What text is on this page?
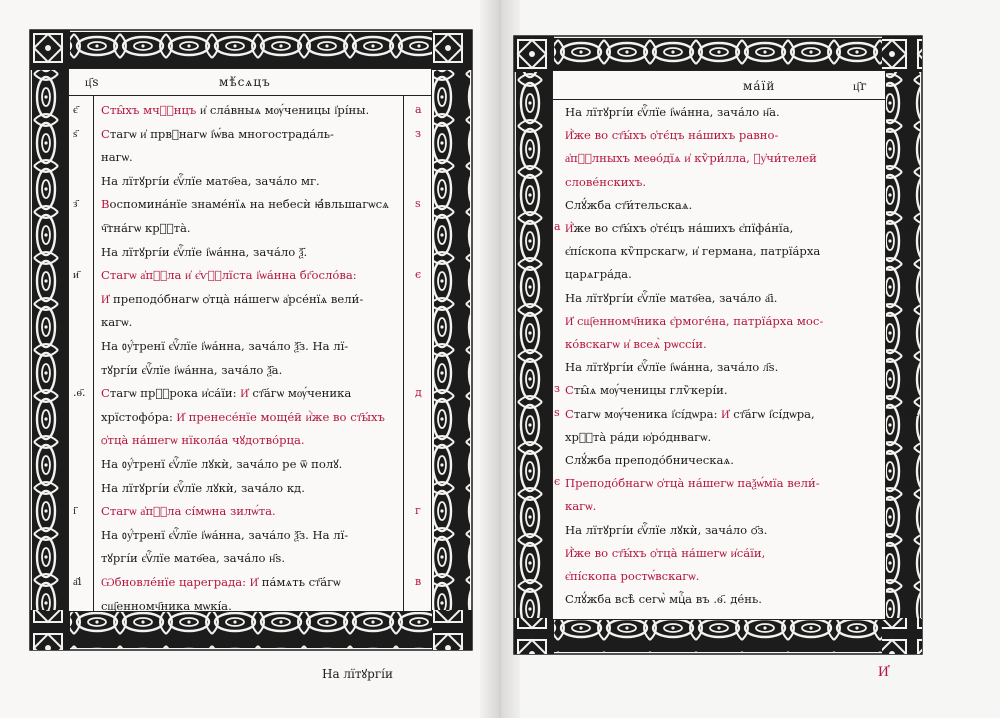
ц҃ѕ	мѣ́сѧцъ
Сты̑хъ мчⷭ҇нцъ и҆ сла́вныѧ мѹ́ченицы і҆рі́ны.
є҃	а
Стагѡ и҆ првⷣнагѡ і҆ѡ́ва многострада́ль-
ѕ҃	з
нагѡ.
На лїтꙋргі́и є҆ѵⷢ҇лїе матѳ҃еа, зача́ло мг.
Воспомина́нїе знаме́нїѧ на небесѝ ꙗ҆́вльшагѡсѧ
з҃	ѕ
ч҇тна́гѡ крⷭ҇та̀.
На лїтꙋргі́и є҆ѵⷢ҇лїе і҆ѡа́нна, зача́ло ѯ҃.
Стагѡ а҆пⷭ҇ла и҆ є҆ѵⷢ҇лїста і҆ѡа́нна бг҃осло́ва:
и҃	є
И҆ преподо́бнагѡ ѻ҆тца̀ на́шегѡ а҆рсе́нїѧ вели́-
кагѡ.
На ᲂу҆́тренї є҆ѵⷢ҇лїе і҆ѡа́нна, зача́ло ѯ҃з. На лї-
тꙋргі́и є҆ѵⷢ҇лїе і҆ѡа́нна, зача́ло ѯ҃а.
Стагѡ прⷪ҇рока и҆са́їи: И҆ ст҃а́гѡ мѹ́ченика
.ѳ҃.	д
хрїстофо́ра: И҆ пренесе́нїе моще́й и҆̀же во ст҃ы́хъ
ѻ҆тца̀ на́шегѡ нїкола́а чꙋдотво́рца.
На ᲂу҆́тренї є҆ѵⷢ҇лїе лꙋкѝ, зача́ло ре ѿ полꙋ.
На лїтꙋргі́и є҆ѵⷢ҇лїе лꙋкѝ, зача́ло кд.
Стагѡ а҆пⷭ҇ла сі́мѡна зилѡ́та.
і҃	г
На ᲂу҆́тренї є҆ѵⷢ҇лїе і҆ѡа́нна, зача́ло ѯ҃з. На лї-
тꙋргі́и є҆ѵⷢ҇лїе матѳ҃еа, зача́ло н҃s.
Ѡбновле́нїе цареграда: И҆ па́мѧть ст҃а́гѡ
а҃і	в
сщ҃енномч҃ника мѡкі́а.
ма́їй	ц҃г
На лїтꙋргі́и є҆ѵⷢ҇лїе і҆ѡа́нна, зача́ло н҃а.
И҆̀же во ст҃ы́хъ ѻ҆тє́цъ на́шихъ равно-
а҆пⷭ҇лныхъ меѳо́дїѧ и҆ кѷри́лла, ᲂу҆чи́телей
слове́нскихъ.
Слꙋ́жба ст҃и́тельскаѧ.
И҆̀же во ст҃ы́хъ ѻ҆тє́цъ на́шихъ є҆пїфа́нїа,
є҆пі́скопа кѷпрскагѡ, и҆ гермaна, патрїа́рха
царѧгра́да.
На лїтꙋргі́и є҆ѵⷢ҇лїе матѳ҃еа, зача́ло а҃і.
И҆ сщ҃енномч҃ника є҆рмоге́на, патрїа́рха мос-
ко́вскагѡ и҆ всеѧ̀ рѡссі́и.
На лїтꙋргі́и є҆ѵⷢ҇лїе і҆ѡа́нна, зача́ло л҃s.
Сты̑ѧ мѹ́ченицы глѷкері́и.
Стагѡ мѹ́ченика і҆сі́дѡра: И҆ ст҃а́гѡ і҆сі́дѡра,
хрⷭ҇та̀ ра́ди ю҆ро́днвагѡ.
Слꙋ́жба преподо́бническаѧ.
Преподо́бнагѡ ѻ҆тца̀ на́шегѡ паѯѡ́мїа вели́-
кагѡ.
На лїтꙋргі́и є҆ѵⷢ҇лїе лꙋкѝ, зача́ло ѻ҃з.
И҆̀же во ст҃ы́хъ ѻ҆тца̀ на́шегѡ и҆са́їи,
є҆пі́скопа ростѡ́вскагѡ.
Слꙋ́жба всѣ̀ сегѡ̀ мцⷭ҇а въ .ѳ҃. де́нь.
ві
а
гі
з
ді
ѕ
єі
є
На лїтꙋргі́и	И҆
